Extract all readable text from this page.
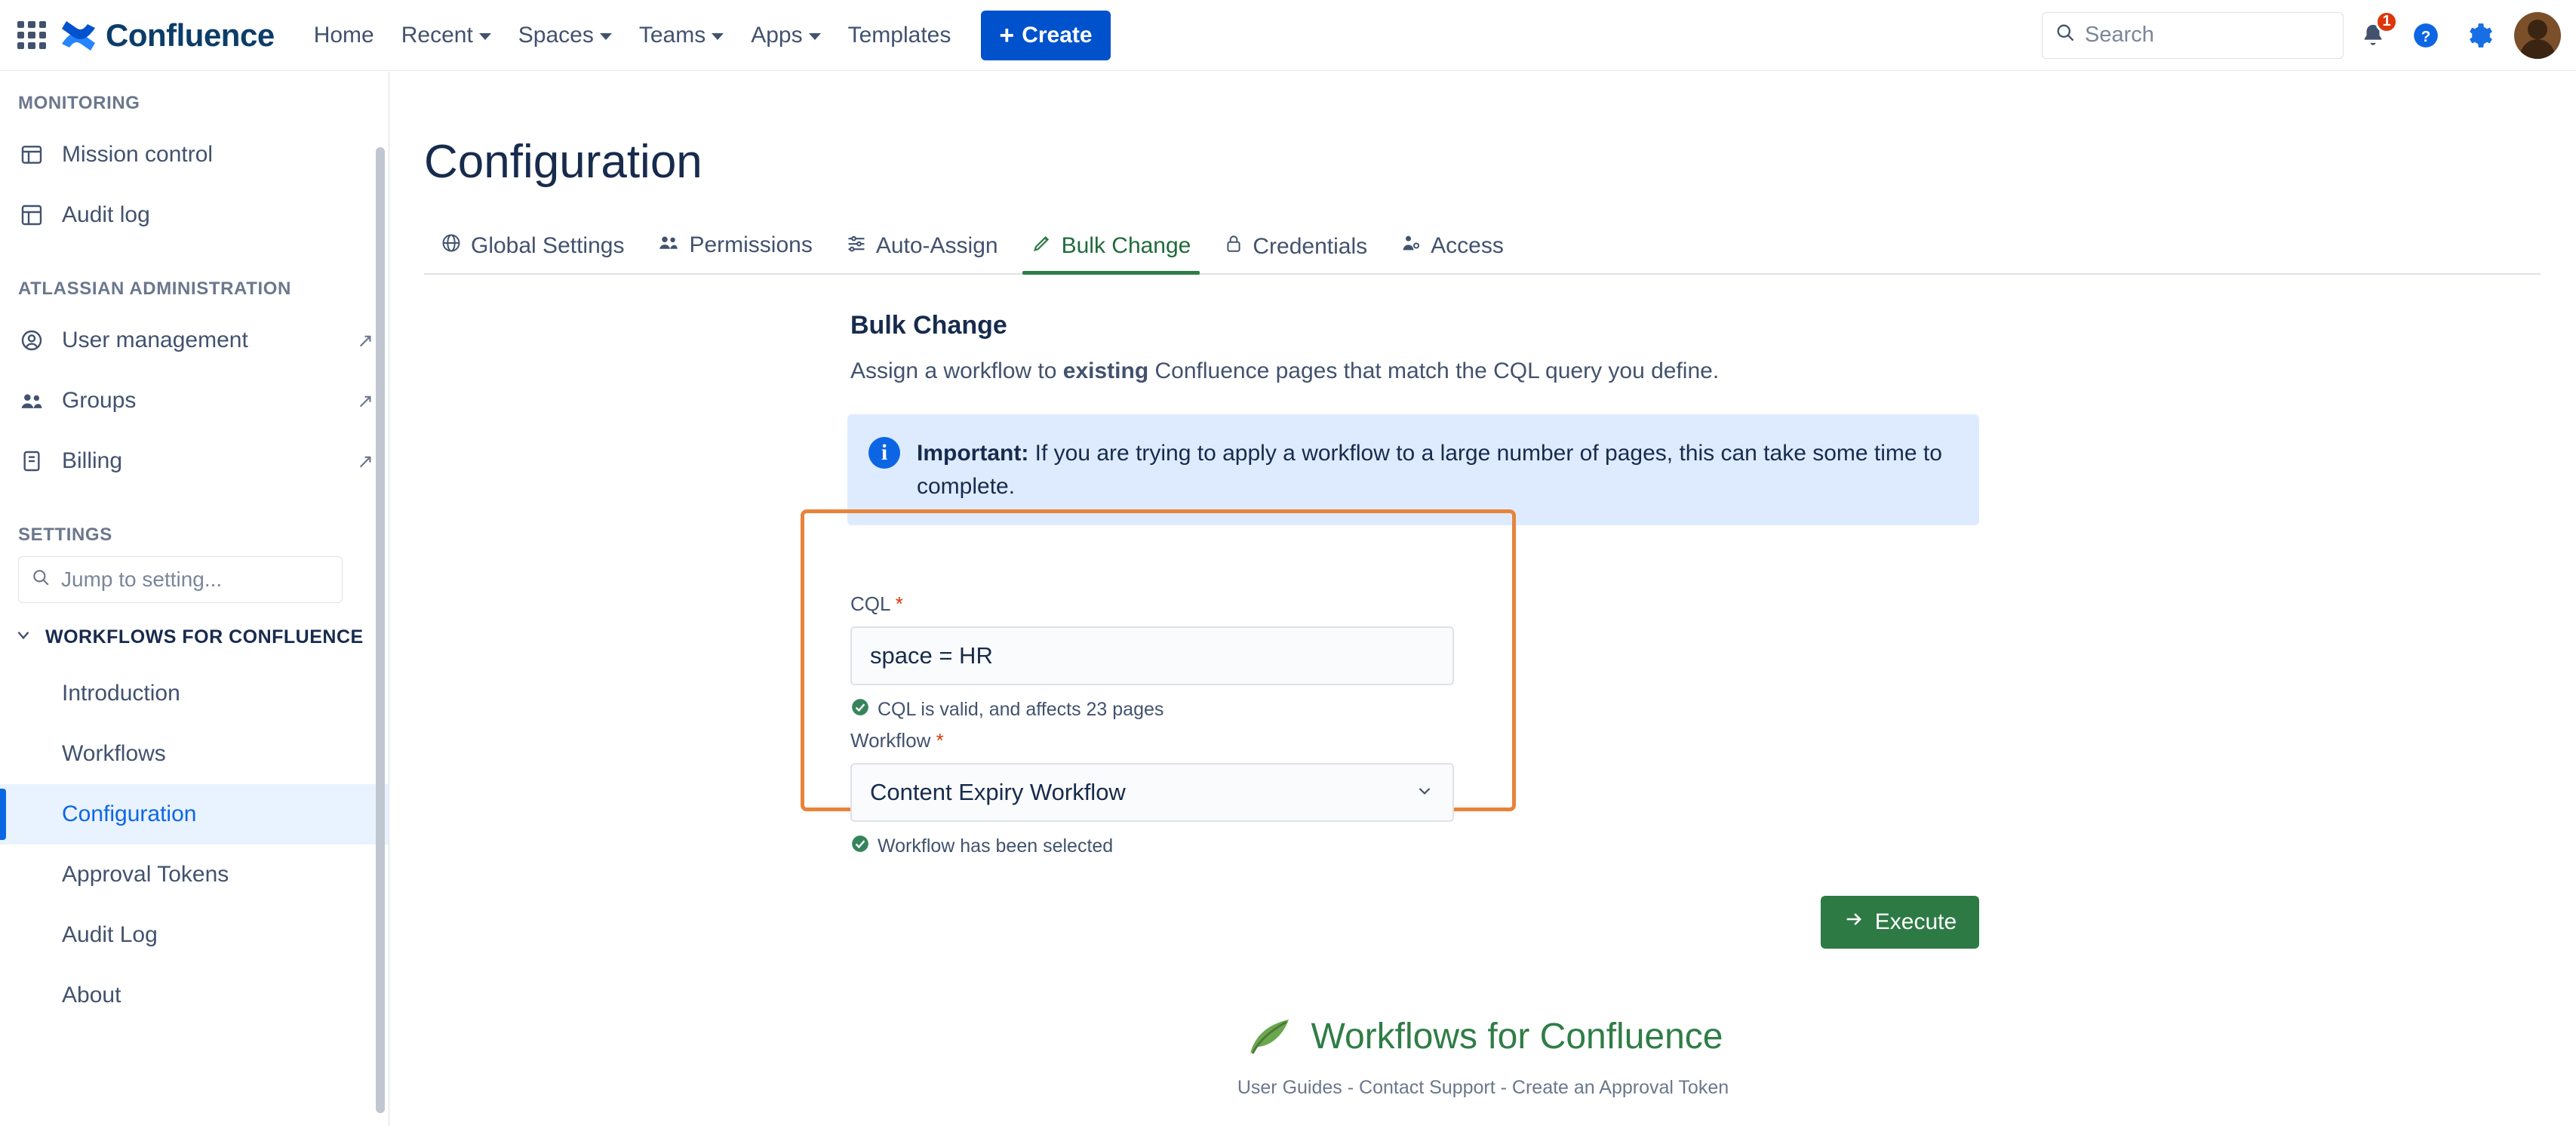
Confluence Home Recent Spaces Teams Apps Templates + Create	Search
1
?
MONITORING
Mission control
Audit log
ATLASSIAN ADMINISTRATION
User management	↗
Groups	↗
Billing	↗
SETTINGS
Jump to setting...
WORKFLOWS FOR CONFLUENCE
Introduction
Workflows
Configuration
Approval Tokens
Audit Log
About
Configuration
Global Settings	Permissions	Auto-Assign	Bulk Change	Credentials	Access
Bulk Change
Assign a workflow to existing Confluence pages that match the CQL query you define.
i	Important: If you are trying to apply a workflow to a large number of pages, this can take some time to complete.
CQL *
space = HR
CQL is valid, and affects 23 pages
Workflow *
Content Expiry Workflow
Workflow has been selected
Execute
Workflows for Confluence
User Guides - Contact Support - Create an Approval Token
